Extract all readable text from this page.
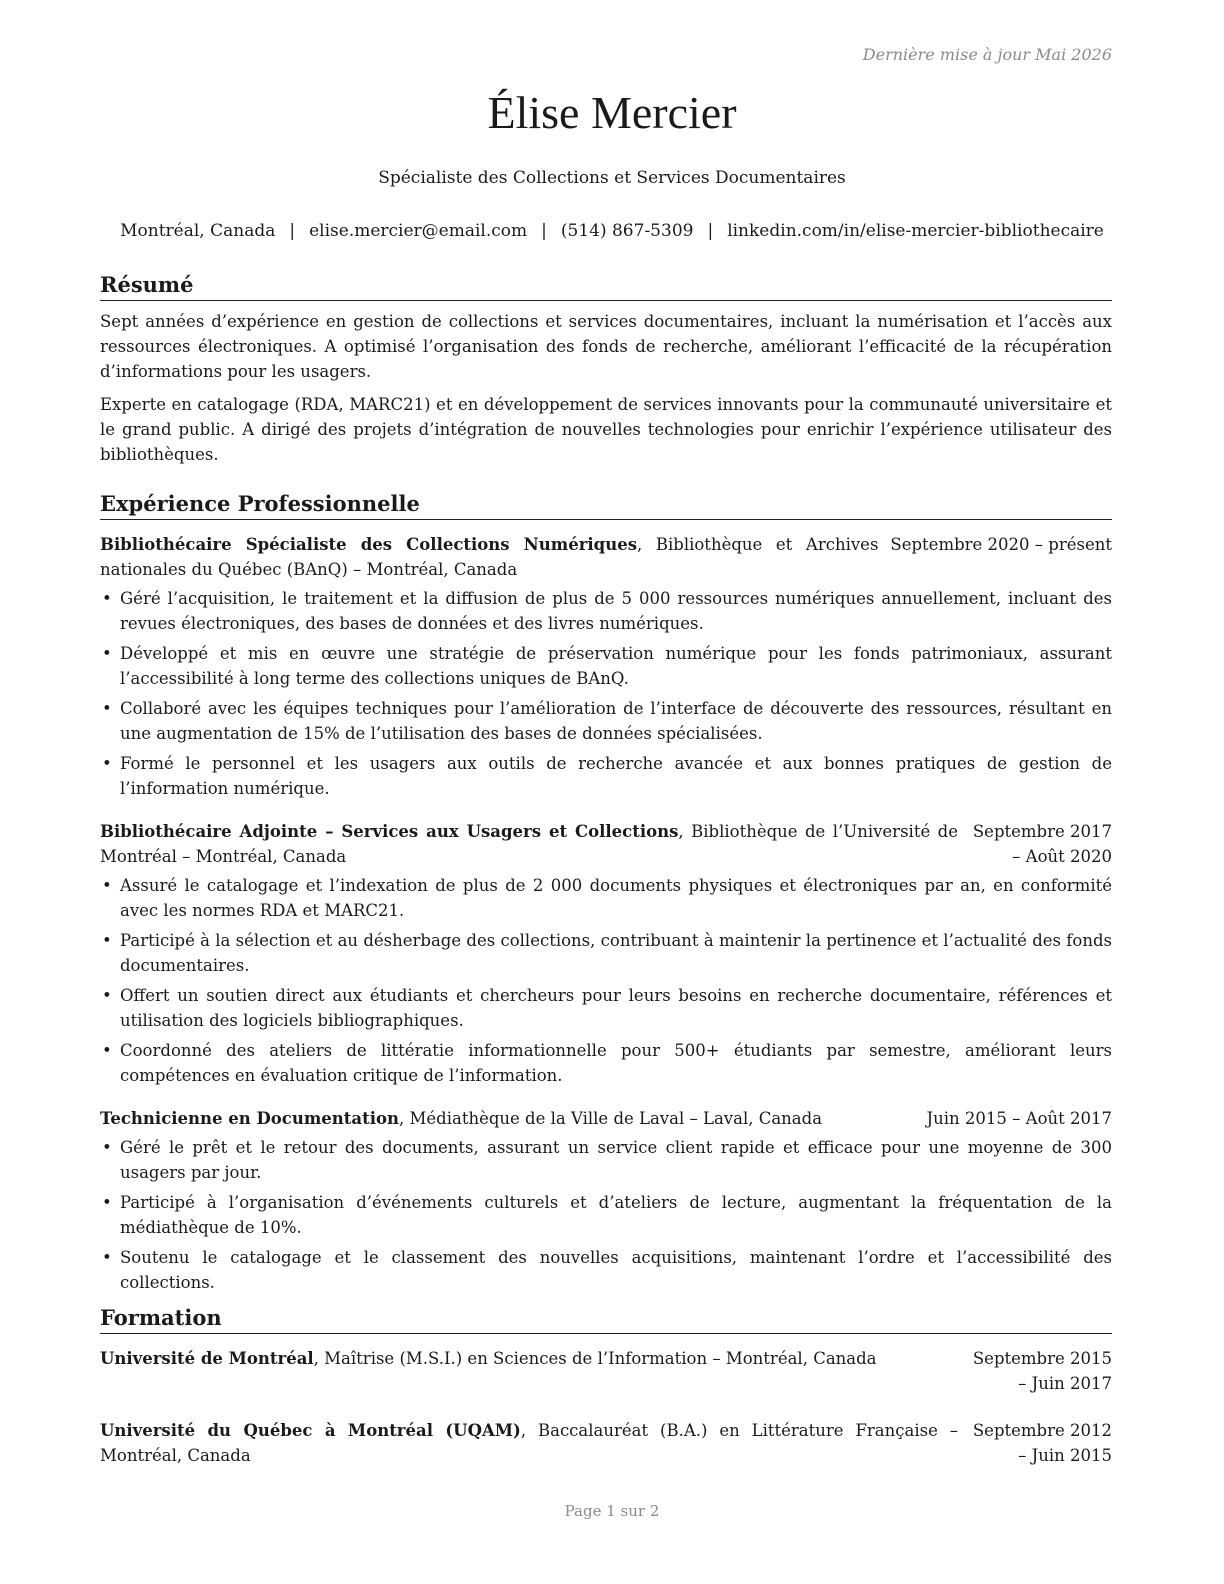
Dernière mise à jour Mai 2026
Élise Mercier
Spécialiste des Collections et Services Documentaires
Montréal, Canada | elise.mercier@email.com | (514) 867-5309 | linkedin.com/in/elise-mercier-bibliothecaire
Résumé

Sept années d’expérience en gestion de collections et services documentaires, incluant la numérisation et l’accès aux ressources électroniques. A optimisé l’organisation des fonds de recherche, améliorant l’efficacité de la récupération d’informations pour les usagers.

Experte en catalogage (RDA, MARC21) et en développement de services innovants pour la communauté universitaire et le grand public. A dirigé des projets d’intégration de nouvelles technologies pour enrichir l’expérience utilisateur des bibliothèques.

Expérience Professionnelle
Bibliothécaire Spécialiste des Collections Numériques, Bibliothèque et Archives nationales du Québec (BAnQ) – Montréal, Canada
Septembre 2020 – présent
• Géré l’acquisition, le traitement et la diffusion de plus de 5 000 ressources numériques annuellement, incluant des revues électroniques, des bases de données et des livres numériques.
• Développé et mis en œuvre une stratégie de préservation numérique pour les fonds patrimoniaux, assurant l’accessibilité à long terme des collections uniques de BAnQ.
• Collaboré avec les équipes techniques pour l’amélioration de l’interface de découverte des ressources, résultant en une augmentation de 15% de l’utilisation des bases de données spécialisées.
• Formé le personnel et les usagers aux outils de recherche avancée et aux bonnes pratiques de gestion de l’information numérique.
Bibliothécaire Adjointe – Services aux Usagers et Collections, Bibliothèque de l’Université de Montréal – Montréal, Canada
Septembre 2017 – Août 2020
• Assuré le catalogage et l’indexation de plus de 2 000 documents physiques et électroniques par an, en conformité avec les normes RDA et MARC21.
• Participé à la sélection et au désherbage des collections, contribuant à maintenir la pertinence et l’actualité des fonds documentaires.
• Offert un soutien direct aux étudiants et chercheurs pour leurs besoins en recherche documentaire, références et utilisation des logiciels bibliographiques.
• Coordonné des ateliers de littératie informationnelle pour 500+ étudiants par semestre, améliorant leurs compétences en évaluation critique de l’information.
Technicienne en Documentation, Médiathèque de la Ville de Laval – Laval, Canada	Juin 2015 – Août 2017
• Géré le prêt et le retour des documents, assurant un service client rapide et efficace pour une moyenne de 300 usagers par jour.
• Participé à l’organisation d’événements culturels et d’ateliers de lecture, augmentant la fréquentation de la médiathèque de 10%.
• Soutenu le catalogage et le classement des nouvelles acquisitions, maintenant l’ordre et l’accessibilité des collections.
Formation
Université de Montréal, Maîtrise (M.S.I.) en Sciences de l’Information – Montréal, Canada	Septembre 2015 – Juin 2017
Université du Québec à Montréal (UQAM), Baccalauréat (B.A.) en Littérature Française – Montréal, Canada
Septembre 2012 – Juin 2015
Page 1 sur 2
